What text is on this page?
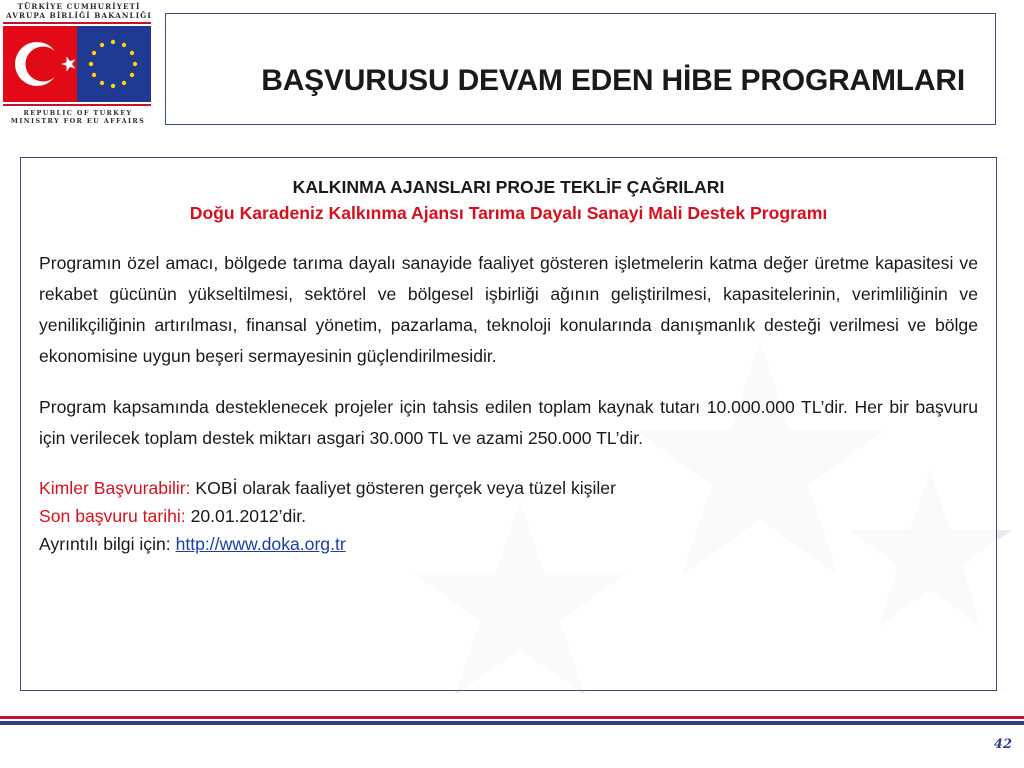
TÜRKİYE CUMHURİYETİ
AVRUPA BİRLİĞİ BAKANLIĞI
REPUBLIC OF TURKEY
MINISTRY FOR EU AFFAIRS
BAŞVURUSU DEVAM EDEN HİBE PROGRAMLARI
KALKINMA AJANSLARI PROJE TEKLİF ÇAĞRILARI
Doğu Karadeniz Kalkınma Ajansı Tarıma Dayalı Sanayi Mali Destek Programı

Programın özel amacı, bölgede tarıma dayalı sanayide faaliyet gösteren işletmelerin katma değer üretme kapasitesi ve rekabet gücünün yükseltilmesi, sektörel ve bölgesel işbirliği ağının geliştirilmesi, kapasitelerinin, verimliliğinin ve yenilikçiliğinin artırılması, finansal yönetim, pazarlama, teknoloji konularında danışmanlık desteği verilmesi ve bölge ekonomisine uygun beşeri sermayesinin güçlendirilmesidir.

Program kapsamında desteklenecek projeler için tahsis edilen toplam kaynak tutarı 10.000.000 TL’dir. Her bir başvuru için verilecek toplam destek miktarı asgari 30.000 TL ve azami 250.000 TL’dir.

Kimler Başvurabilir: KOBİ olarak faaliyet gösteren gerçek veya tüzel kişiler

Son başvuru tarihi: 20.01.2012’dir.

Ayrıntılı bilgi için: http://www.doka.org.tr

42
